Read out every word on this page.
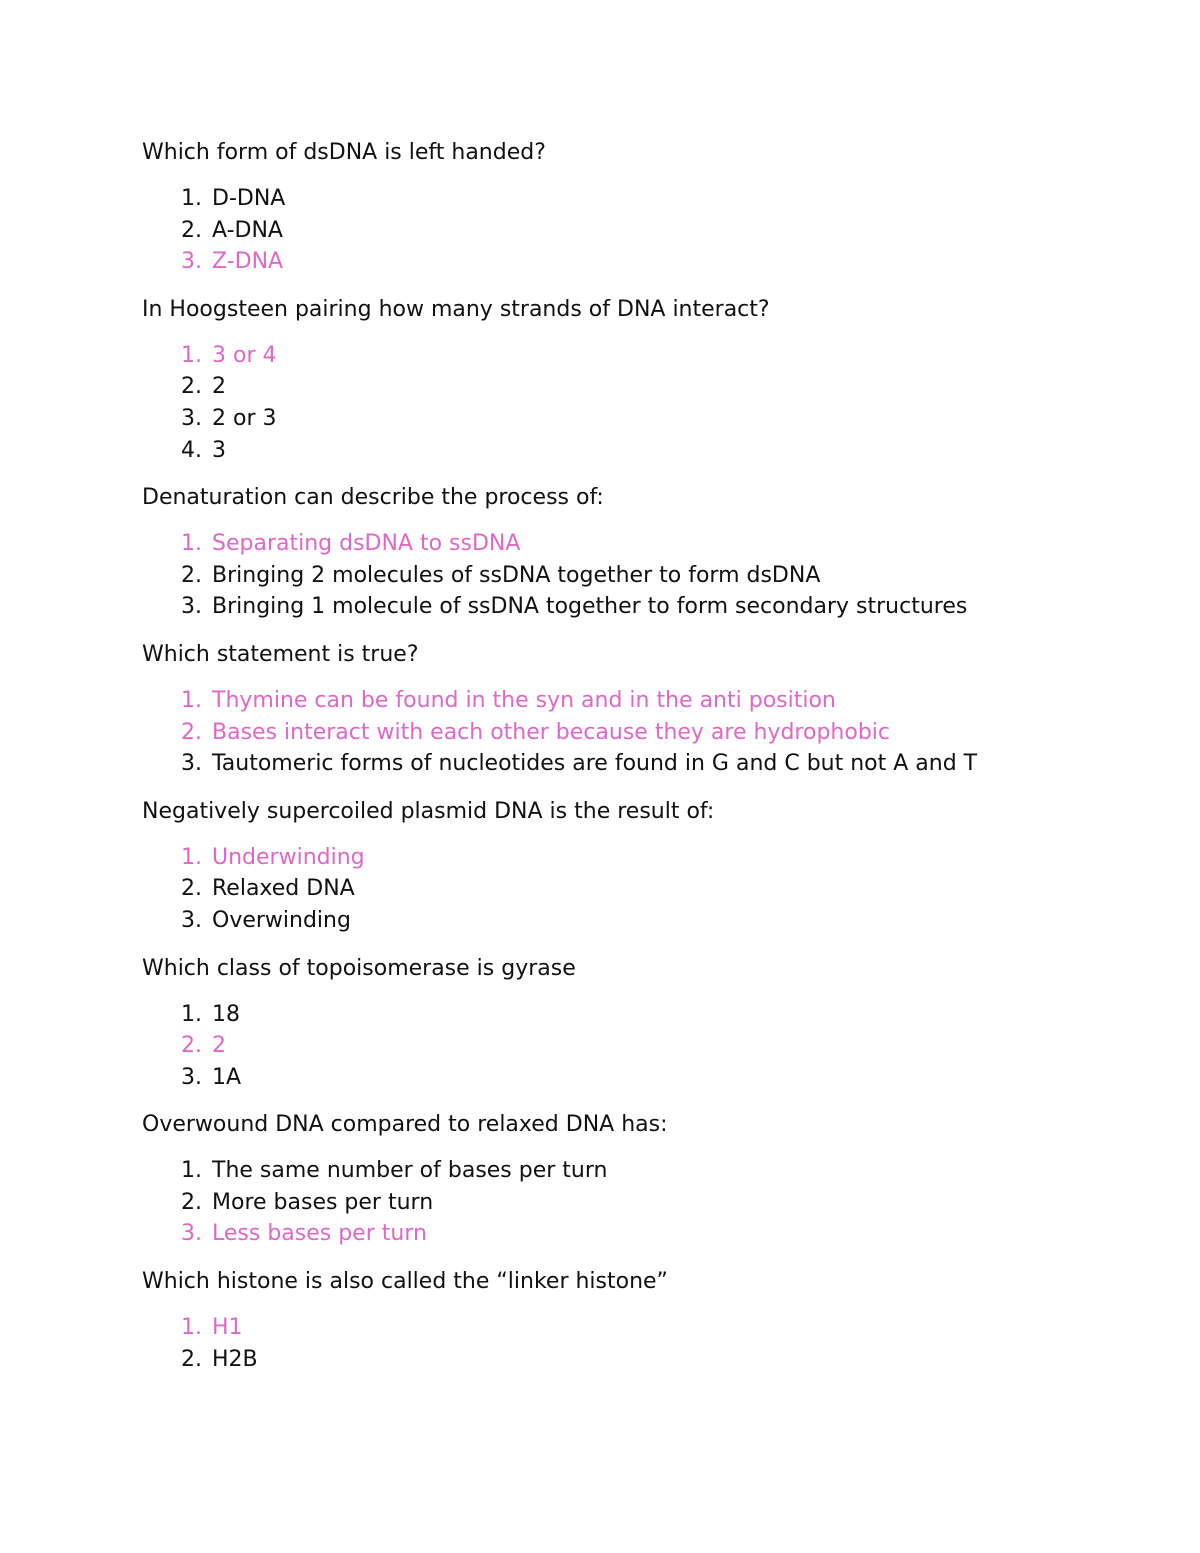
Which form of dsDNA is left handed?
1. D-DNA
2. A-DNA
3. Z-DNA
In Hoogsteen pairing how many strands of DNA interact?
1. 3 or 4
2. 2
3. 2 or 3
4. 3
Denaturation can describe the process of:
1. Separating dsDNA to ssDNA
2. Bringing 2 molecules of ssDNA together to form dsDNA
3. Bringing 1 molecule of ssDNA together to form secondary structures
Which statement is true?
1. Thymine can be found in the syn and in the anti position
2. Bases interact with each other because they are hydrophobic
3. Tautomeric forms of nucleotides are found in G and C but not A and T
Negatively supercoiled plasmid DNA is the result of:
1. Underwinding
2. Relaxed DNA
3. Overwinding
Which class of topoisomerase is gyrase
1. 18
2. 2
3. 1A
Overwound DNA compared to relaxed DNA has:
1. The same number of bases per turn
2. More bases per turn
3. Less bases per turn
Which histone is also called the “linker histone”
1. H1
2. H2B
